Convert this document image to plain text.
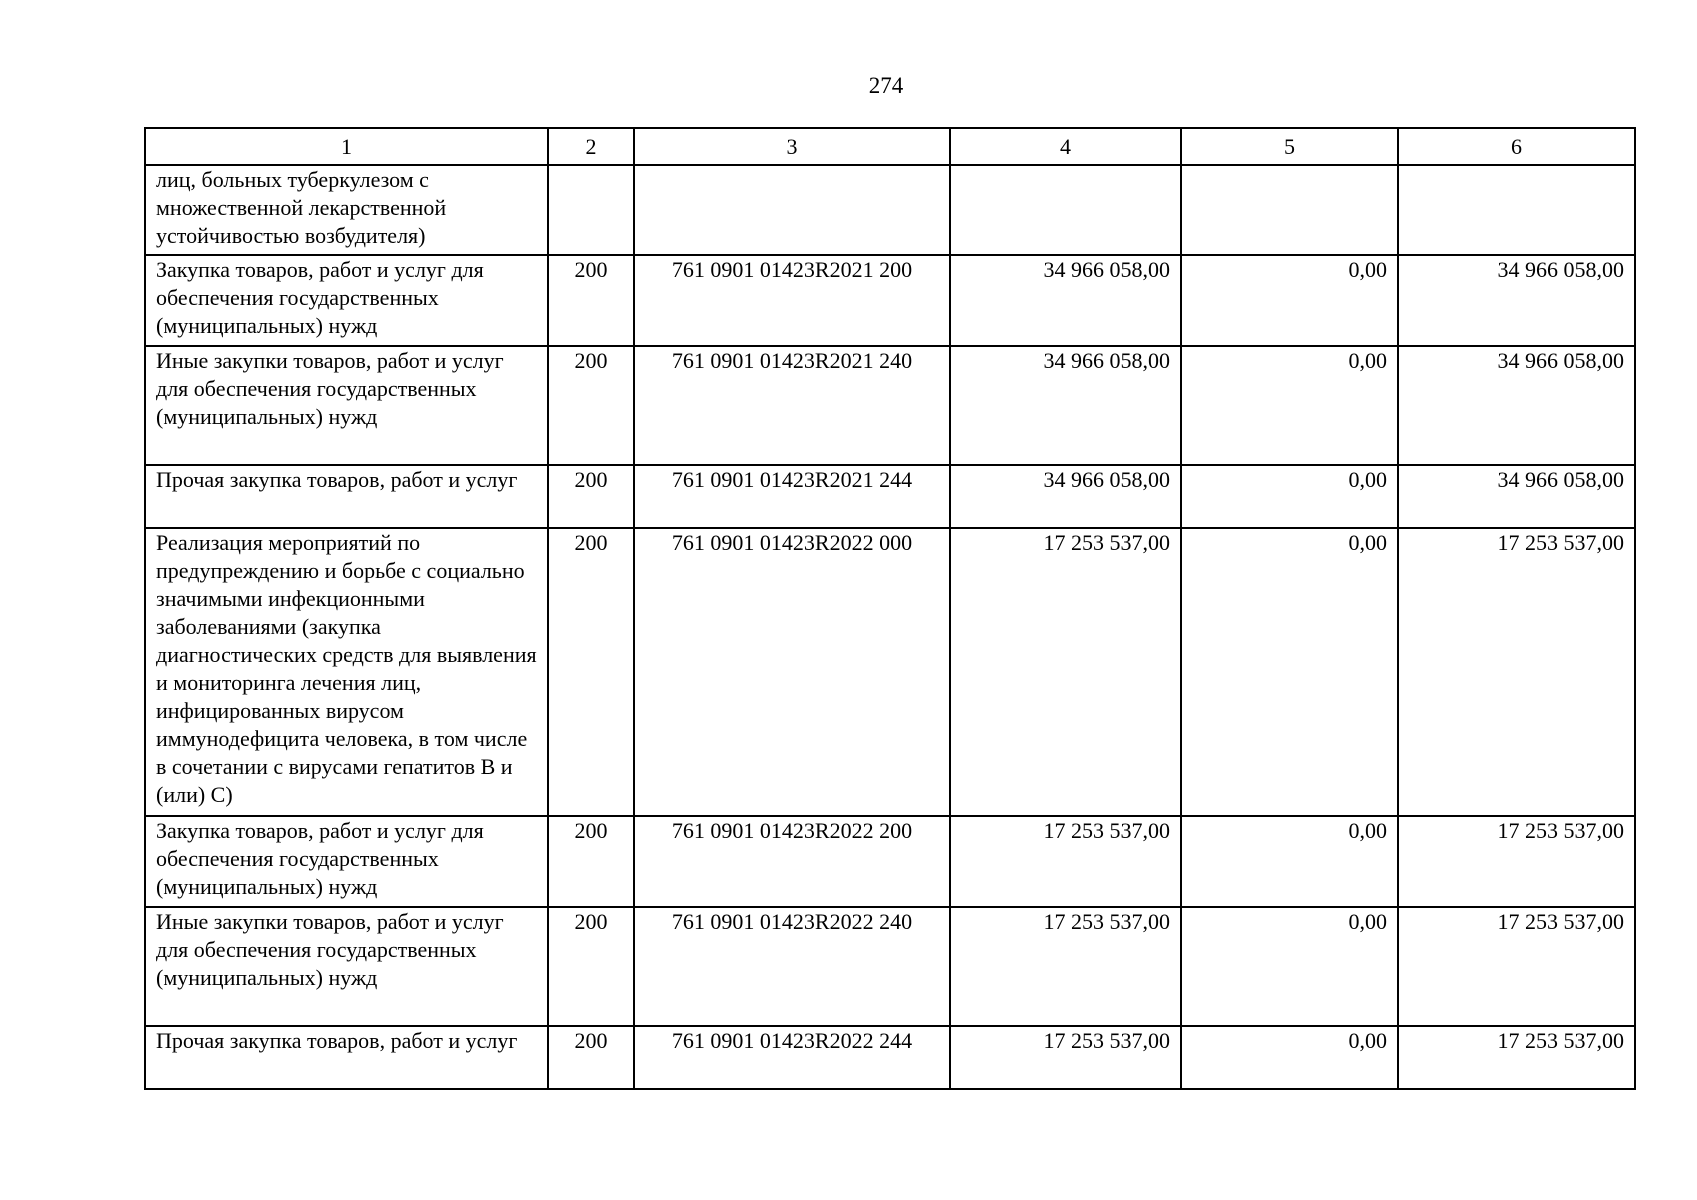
274
1	2	3	4	5	6
лиц, больных туберкулезом с множественной лекарственной устойчивостью возбудителя)					
Закупка товаров, работ и услуг для обеспечения государственных (муниципальных) нужд	200	761 0901 01423R2021 200	34 966 058,00	0,00	34 966 058,00
Иные закупки товаров, работ и услуг для обеспечения государственных (муниципальных) нужд	200	761 0901 01423R2021 240	34 966 058,00	0,00	34 966 058,00
Прочая закупка товаров, работ и услуг	200	761 0901 01423R2021 244	34 966 058,00	0,00	34 966 058,00
Реализация мероприятий по предупреждению и борьбе с социально значимыми инфекционными заболеваниями (закупка диагностических средств для выявления и мониторинга лечения лиц, инфицированных вирусом иммунодефицита человека, в том числе в сочетании с вирусами гепатитов B и (или) C)	200	761 0901 01423R2022 000	17 253 537,00	0,00	17 253 537,00
Закупка товаров, работ и услуг для обеспечения государственных (муниципальных) нужд	200	761 0901 01423R2022 200	17 253 537,00	0,00	17 253 537,00
Иные закупки товаров, работ и услуг для обеспечения государственных (муниципальных) нужд	200	761 0901 01423R2022 240	17 253 537,00	0,00	17 253 537,00
Прочая закупка товаров, работ и услуг	200	761 0901 01423R2022 244	17 253 537,00	0,00	17 253 537,00
